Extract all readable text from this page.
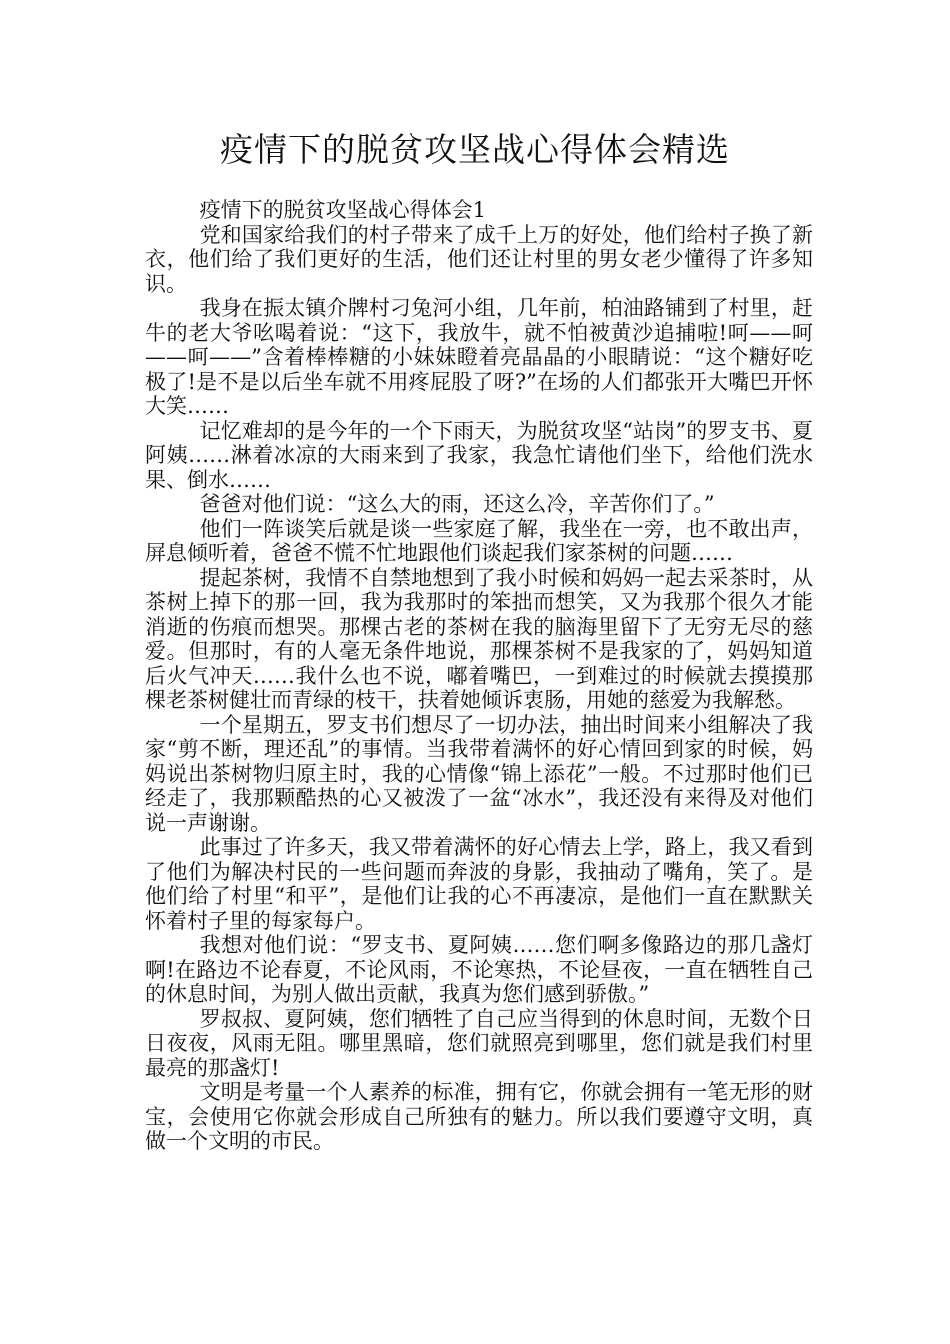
疫情下的脱贫攻坚战心得体会精选

疫情下的脱贫攻坚战心得体会1

党和国家给我们的村子带来了成千上万的好处，他们给村子换了新衣，他们给了我们更好的生活，他们还让村里的男女老少懂得了许多知识。

我身在振太镇介牌村刁兔河小组，几年前，柏油路铺到了村里，赶牛的老大爷吆喝着说：“这下，我放牛，就不怕被黄沙追捕啦!呵——呵——呵——”含着棒棒糖的小妹妹瞪着亮晶晶的小眼睛说：“这个糖好吃极了!是不是以后坐车就不用疼屁股了呀?”在场的人们都张开大嘴巴开怀大笑……

记忆难却的是今年的一个下雨天，为脱贫攻坚“站岗”的罗支书、夏阿姨……淋着冰凉的大雨来到了我家，我急忙请他们坐下，给他们洗水果、倒水……

爸爸对他们说：“这么大的雨，还这么冷，辛苦你们了。”

他们一阵谈笑后就是谈一些家庭了解，我坐在一旁，也不敢出声，屏息倾听着，爸爸不慌不忙地跟他们谈起我们家茶树的问题……

提起茶树，我情不自禁地想到了我小时候和妈妈一起去采茶时，从茶树上掉下的那一回，我为我那时的笨拙而想笑，又为我那个很久才能消逝的伤痕而想哭。那棵古老的茶树在我的脑海里留下了无穷无尽的慈爱。但那时，有的人毫无条件地说，那棵茶树不是我家的了，妈妈知道后火气冲天……我什么也不说，嘟着嘴巴，一到难过的时候就去摸摸那棵老茶树健壮而青绿的枝干，扶着她倾诉衷肠，用她的慈爱为我解愁。

一个星期五，罗支书们想尽了一切办法，抽出时间来小组解决了我家“剪不断，理还乱”的事情。当我带着满怀的好心情回到家的时候，妈妈说出茶树物归原主时，我的心情像“锦上添花”一般。不过那时他们已经走了，我那颗酷热的心又被泼了一盆“冰水”，我还没有来得及对他们说一声谢谢。

此事过了许多天，我又带着满怀的好心情去上学，路上，我又看到了他们为解决村民的一些问题而奔波的身影，我抽动了嘴角，笑了。是他们给了村里“和平”，是他们让我的心不再凄凉，是他们一直在默默关怀着村子里的每家每户。

我想对他们说：“罗支书、夏阿姨……您们啊多像路边的那几盏灯啊!在路边不论春夏，不论风雨，不论寒热，不论昼夜，一直在牺牲自己的休息时间，为别人做出贡献，我真为您们感到骄傲。”

罗叔叔、夏阿姨，您们牺牲了自己应当得到的休息时间，无数个日日夜夜，风雨无阻。哪里黑暗，您们就照亮到哪里，您们就是我们村里最亮的那盏灯!

文明是考量一个人素养的标准，拥有它，你就会拥有一笔无形的财宝，会使用它你就会形成自己所独有的魅力。所以我们要遵守文明，真做一个文明的市民。
